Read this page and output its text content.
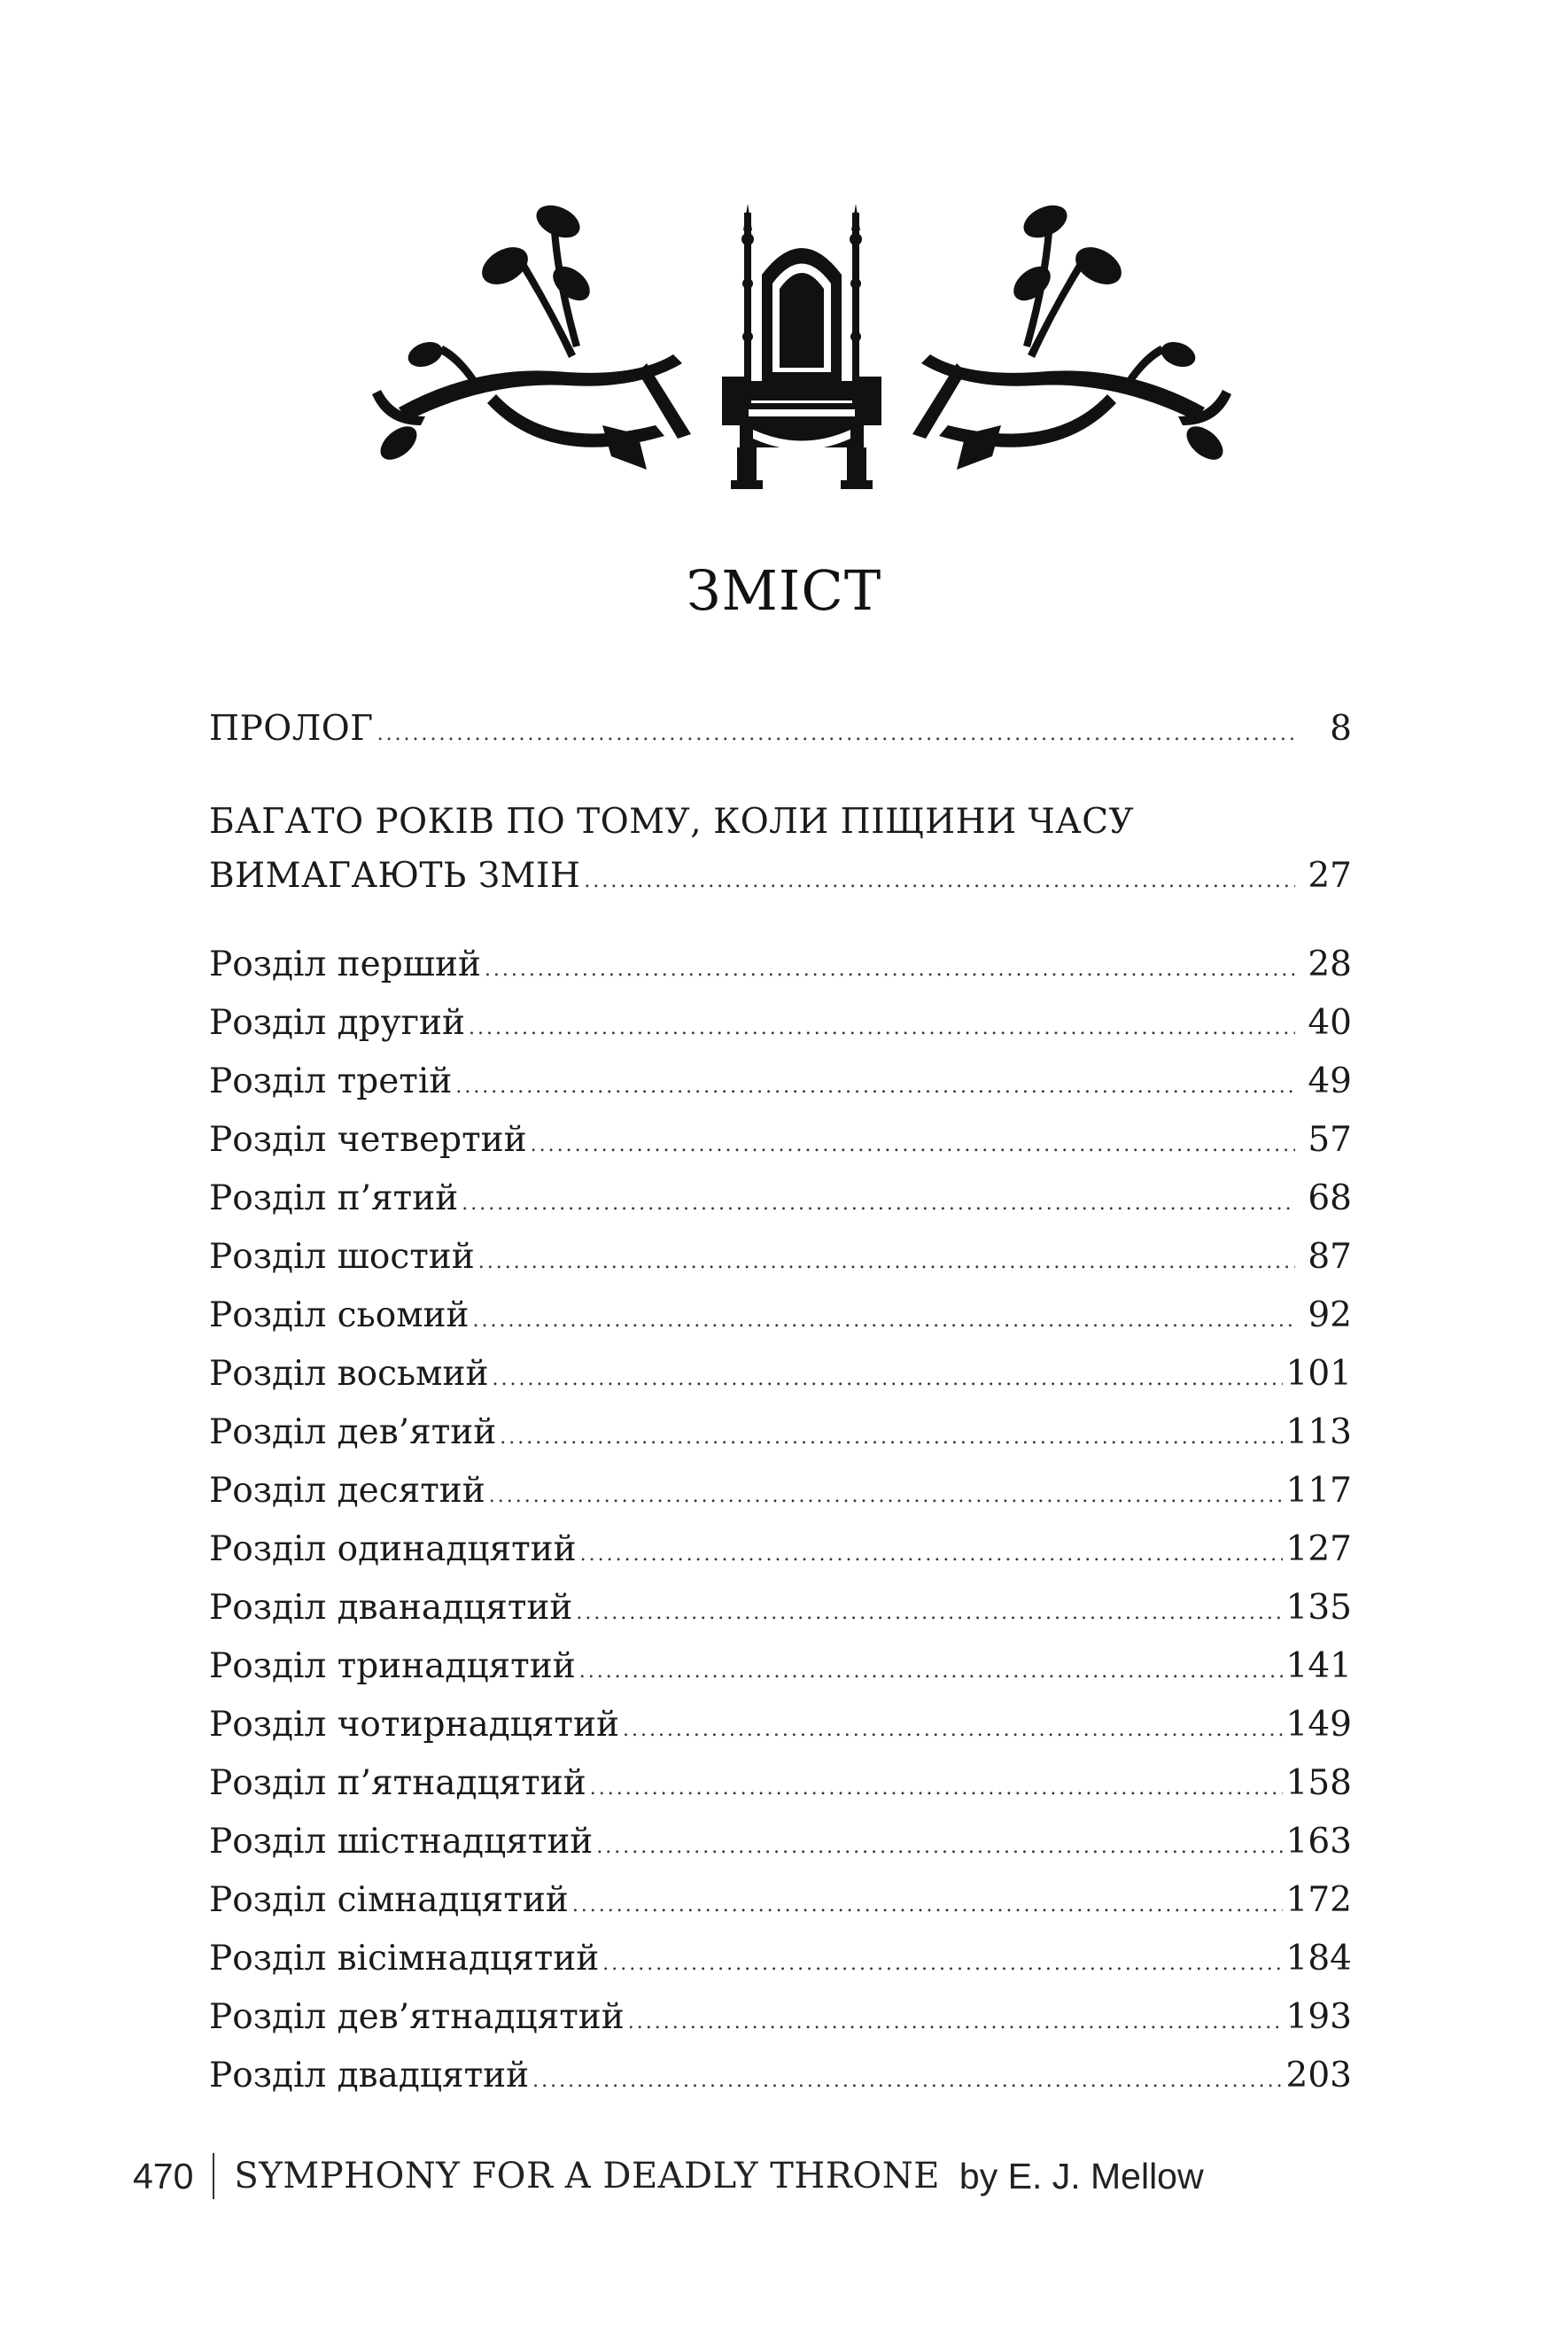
ЗМІСТ
ПРОЛОГ .....	8
БАГАТО РОКІВ ПО ТОМУ, КОЛИ ПІЩИНИ ЧАСУ
ВИМАГАЮТЬ ЗМІН .....	27
Розділ перший .....	28
Розділ другий .....	40
Розділ третій .....	49
Розділ четвертий .....	57
Розділ п’ятий .....	68
Розділ шостий .....	87
Розділ сьомий .....	92
Розділ восьмий .....	101
Розділ дев’ятий .....	113
Розділ десятий .....	117
Розділ одинадцятий .....	127
Розділ дванадцятий .....	135
Розділ тринадцятий .....	141
Розділ чотирнадцятий .....	149
Розділ п’ятнадцятий .....	158
Розділ шістнадцятий .....	163
Розділ сімнадцятий .....	172
Розділ вісімнадцятий .....	184
Розділ дев’ятнадцятий .....	193
Розділ двадцятий .....	203
470 SYMPHONY FOR A DEADLY THRONE by E. J. Mellow
